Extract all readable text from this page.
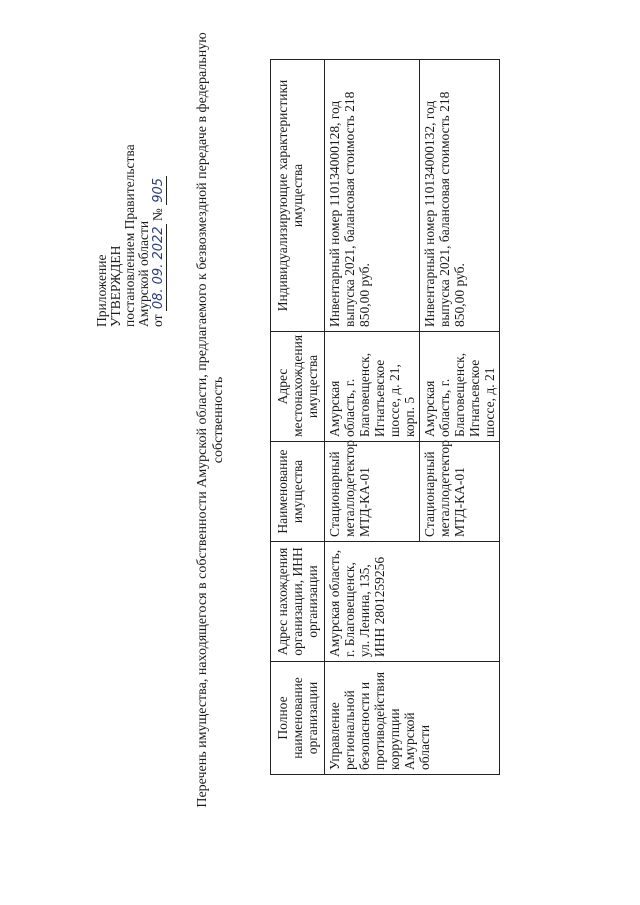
Приложение УТВЕРЖДЕН постановлением Правительства Амурской области от 08. 09. 2022 № 905 Перечень имущества, находящегося в собственности Амурской области, предлагаемого к безвозмездной передаче в федеральную собственность
Полное наименование организации	Адрес нахождения организации, ИНН организации	Наименование имущества	Адрес местонахождения имущества	Индивидуализирующие характеристики имущества
Управление региональной безопасности и противодействия коррупции Амурской области	Амурская область, г. Благовещенск, ул. Ленина, 135, ИНН 2801259256	Стационарный металлодетектор МТД-КА-01	Амурская область, г. Благовещенск, Игнатьевское шоссе, д. 21, корп. 5	Инвентарный номер 110134000128, год выпуска 2021, балансовая стоимость 218 850,00 руб.
		Стационарный металлодетектор МТД-КА-01	Амурская область, г. Благовещенск, Игнатьевское шоссе, д. 21	Инвентарный номер 110134000132, год выпуска 2021, балансовая стоимость 218 850,00 руб.
